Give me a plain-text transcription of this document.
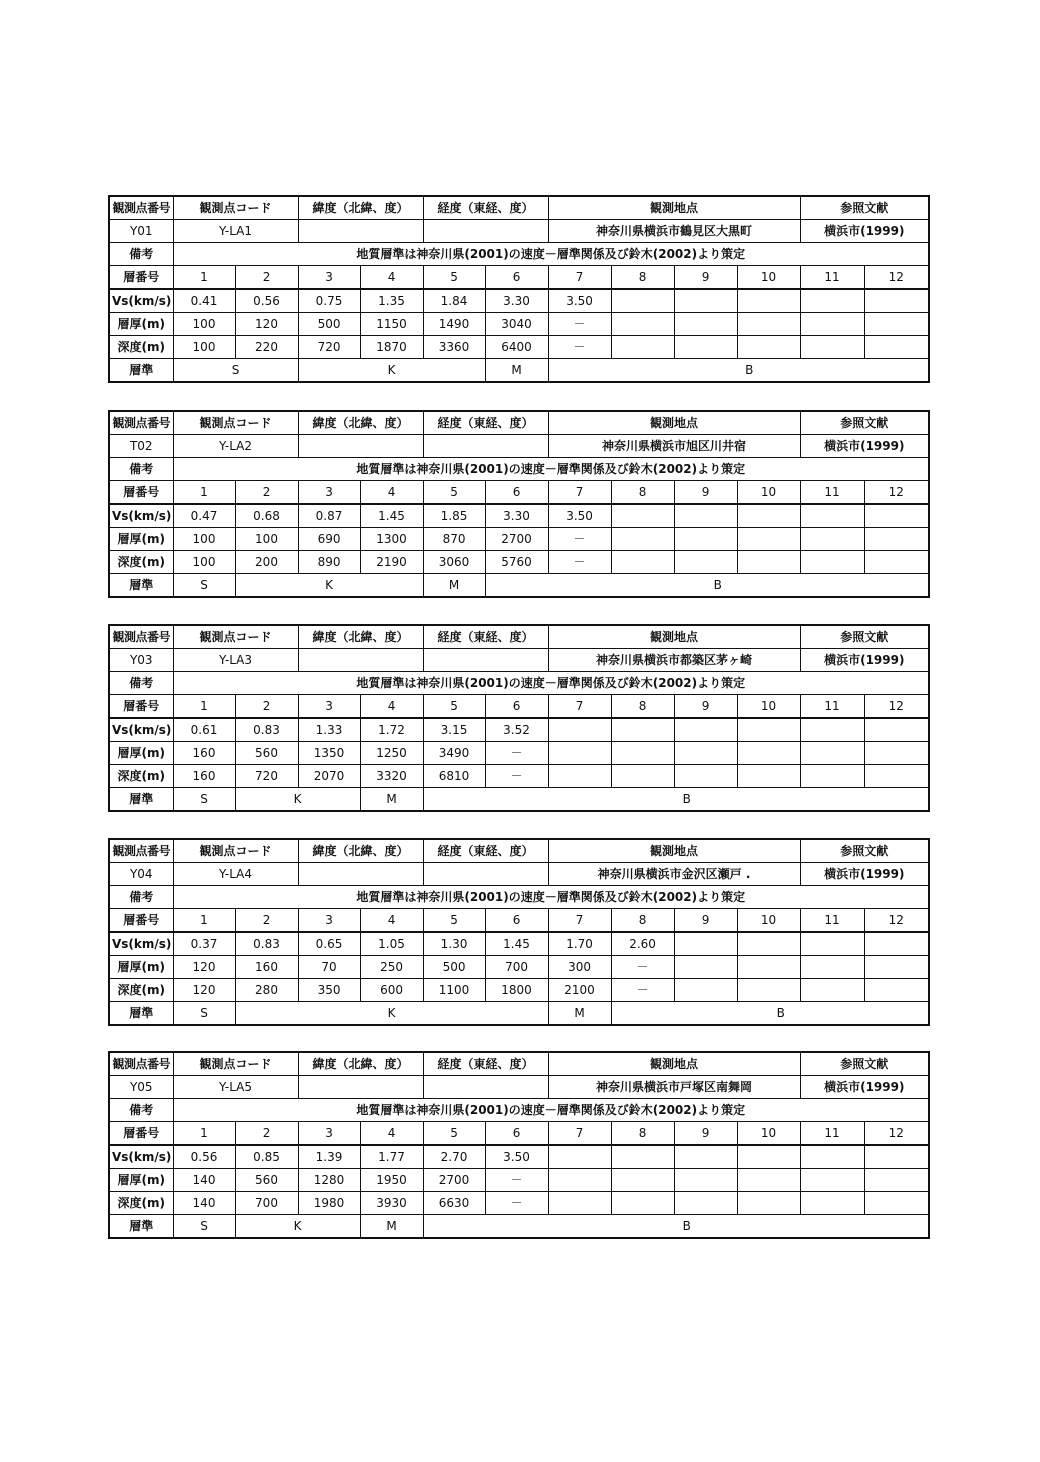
観測点番号	観測点コード		緯度（北緯、度）		経度（東経、度）		観測地点				参照文献	
Y01	Y-LA1						神奈川県横浜市鶴見区大黒町				横浜市(1999)	
備考	地質層準は神奈川県(2001)の速度－層準関係及び鈴木(2002)より策定											
層番号	1	2	3	4	5	6	7	8	9	10	11	12
Vs(km/s)	0.41	0.56	0.75	1.35	1.84	3.30	3.50					
層厚(m)	100	120	500	1150	1490	3040	－					
深度(m)	100	220	720	1870	3360	6400	－					
層準	S		K			M	B					
観測点番号	観測点コード		緯度（北緯、度）		経度（東経、度）		観測地点				参照文献	
T02	Y-LA2						神奈川県横浜市旭区川井宿				横浜市(1999)	
備考	地質層準は神奈川県(2001)の速度－層準関係及び鈴木(2002)より策定											
層番号	1	2	3	4	5	6	7	8	9	10	11	12
Vs(km/s)	0.47	0.68	0.87	1.45	1.85	3.30	3.50					
層厚(m)	100	100	690	1300	870	2700	－					
深度(m)	100	200	890	2190	3060	5760	－					
層準	S	K			M	B						
観測点番号	観測点コード		緯度（北緯、度）		経度（東経、度）		観測地点				参照文献	
Y03	Y-LA3						神奈川県横浜市都築区茅ヶ崎				横浜市(1999)	
備考	地質層準は神奈川県(2001)の速度－層準関係及び鈴木(2002)より策定											
層番号	1	2	3	4	5	6	7	8	9	10	11	12
Vs(km/s)	0.61	0.83	1.33	1.72	3.15	3.52						
層厚(m)	160	560	1350	1250	3490	－						
深度(m)	160	720	2070	3320	6810	－						
層準	S	K		M	B							
観測点番号	観測点コード		緯度（北緯、度）		経度（東経、度）		観測地点				参照文献	
Y04	Y-LA4						神奈川県横浜市金沢区瀬戸 .				横浜市(1999)	
備考	地質層準は神奈川県(2001)の速度－層準関係及び鈴木(2002)より策定											
層番号	1	2	3	4	5	6	7	8	9	10	11	12
Vs(km/s)	0.37	0.83	0.65	1.05	1.30	1.45	1.70	2.60				
層厚(m)	120	160	70	250	500	700	300	－				
深度(m)	120	280	350	600	1100	1800	2100	－				
層準	S	K					M	B				
観測点番号	観測点コード		緯度（北緯、度）		経度（東経、度）		観測地点				参照文献	
Y05	Y-LA5						神奈川県横浜市戸塚区南舞岡				横浜市(1999)	
備考	地質層準は神奈川県(2001)の速度－層準関係及び鈴木(2002)より策定											
層番号	1	2	3	4	5	6	7	8	9	10	11	12
Vs(km/s)	0.56	0.85	1.39	1.77	2.70	3.50						
層厚(m)	140	560	1280	1950	2700	－						
深度(m)	140	700	1980	3930	6630	－						
層準	S	K		M	B							
